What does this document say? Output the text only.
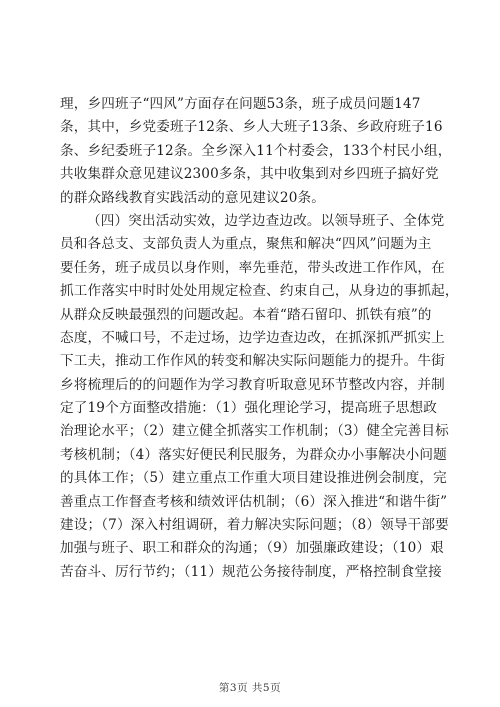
理，乡四班子“四风”方面存在问题53条，班子成员问题147
条，其中，乡党委班子12条、乡人大班子13条、乡政府班子16
条、乡纪委班子12条。全乡深入11个村委会，133个村民小组，
共收集群众意见建议2300多条，其中收集到对乡四班子搞好党
的群众路线教育实践活动的意见建议20条。
（四）突出活动实效，边学边查边改。以领导班子、全体党
员和各总支、支部负责人为重点，聚焦和解决“四风”问题为主
要任务，班子成员以身作则，率先垂范，带头改进工作作风，在
抓工作落实中时时处处用规定检查、约束自己，从身边的事抓起，
从群众反映最强烈的问题改起。本着“踏石留印、抓铁有痕”的
态度，不喊口号，不走过场，边学边查边改，在抓深抓严抓实上
下工夫，推动工作作风的转变和解决实际问题能力的提升。牛街
乡将梳理后的的问题作为学习教育听取意见环节整改内容，并制
定了19个方面整改措施：（1）强化理论学习，提高班子思想政
治理论水平；（2）建立健全抓落实工作机制；（3）健全完善目标
考核机制；（4）落实好便民利民服务，为群众办小事解决小问题
的具体工作；（5）建立重点工作重大项目建设推进例会制度，完
善重点工作督查考核和绩效评估机制；（6）深入推进“和谐牛街”
建设；（7）深入村组调研，着力解决实际问题；（8）领导干部要
加强与班子、职工和群众的沟通；（9）加强廉政建设；（10）艰
苦奋斗、厉行节约；（11）规范公务接待制度，严格控制食堂接
第3页 共5页
